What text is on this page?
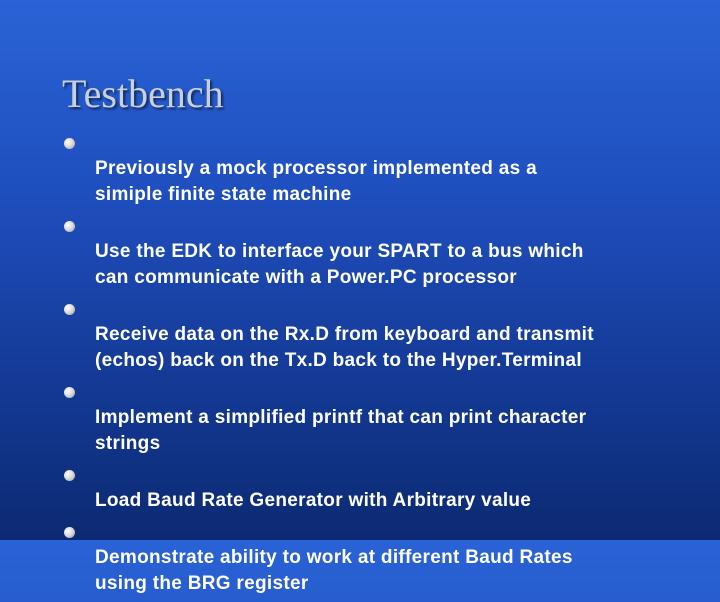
Testbench

Previously a mock processor implemented as a
simiple finite state machine

Use the EDK to interface your SPART to a bus which
can communicate with a Power.PC processor

Receive data on the Rx.D from keyboard and transmit
(echos) back on the Tx.D back to the Hyper.Terminal

Implement a simplified printf that can print character
strings

Load Baud Rate Generator with Arbitrary value

Demonstrate ability to work at different Baud Rates
using the BRG register
